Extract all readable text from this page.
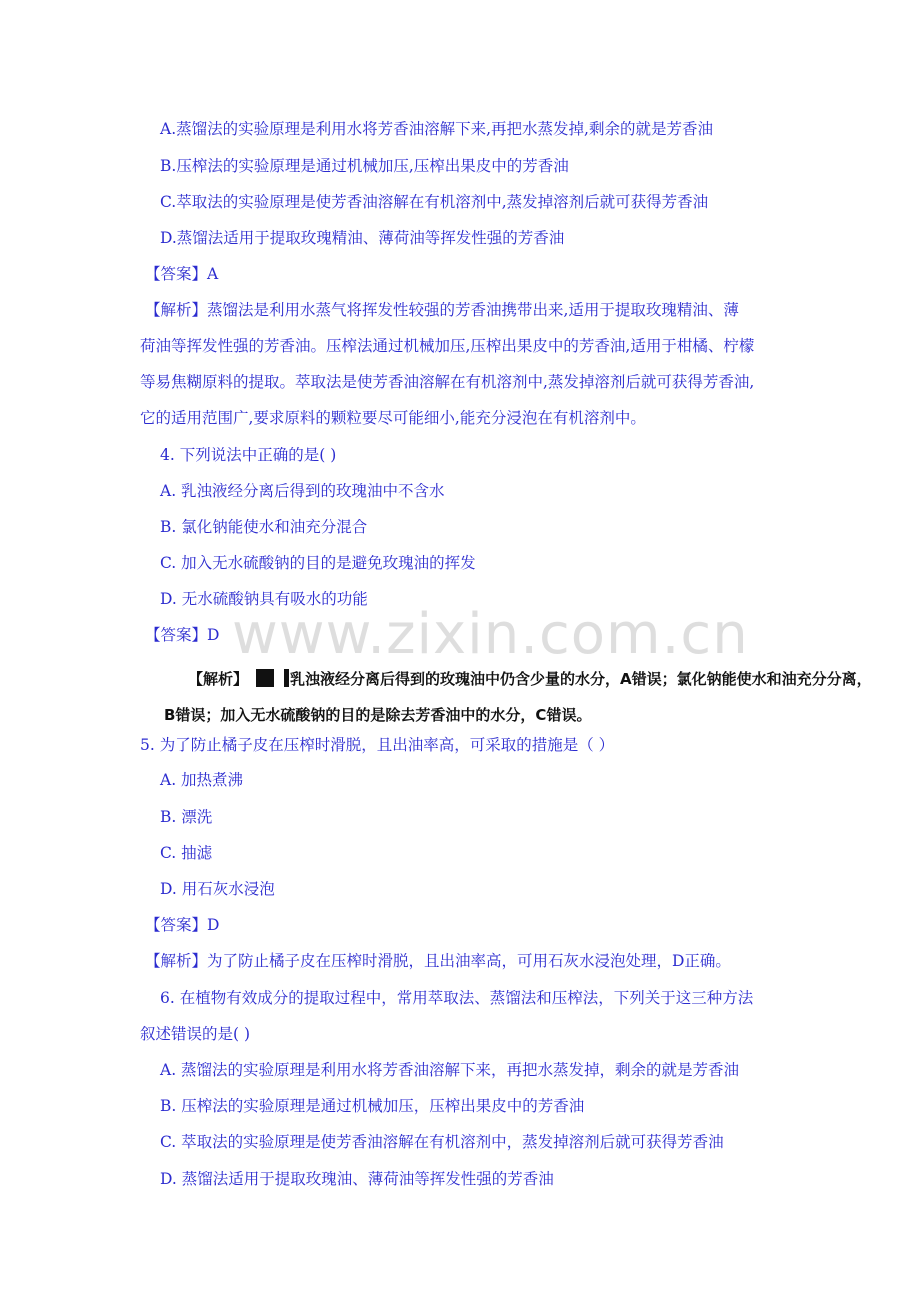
A.蒸馏法的实验原理是利用水将芳香油溶解下来,再把水蒸发掉,剩余的就是芳香油
B.压榨法的实验原理是通过机械加压,压榨出果皮中的芳香油
C.萃取法的实验原理是使芳香油溶解在有机溶剂中,蒸发掉溶剂后就可获得芳香油
D.蒸馏法适用于提取玫瑰精油、薄荷油等挥发性强的芳香油
【答案】A
【解析】蒸馏法是利用水蒸气将挥发性较强的芳香油携带出来,适用于提取玫瑰精油、薄
荷油等挥发性强的芳香油。压榨法通过机械加压,压榨出果皮中的芳香油,适用于柑橘、柠檬
等易焦糊原料的提取。萃取法是使芳香油溶解在有机溶剂中,蒸发掉溶剂后就可获得芳香油,
它的适用范围广,要求原料的颗粒要尽可能细小,能充分浸泡在有机溶剂中。
4. 下列说法中正确的是( )
A. 乳浊液经分离后得到的玫瑰油中不含水
B. 氯化钠能使水和油充分混合
C. 加入无水硫酸钠的目的是避免玫瑰油的挥发
D. 无水硫酸钠具有吸水的功能
【答案】D
【解析】	乳浊液经分离后得到的玫瑰油中仍含少量的水分，A错误；氯化钠能使水和油充分分离，
B错误；加入无水硫酸钠的目的是除去芳香油中的水分，C错误。
5. 为了防止橘子皮在压榨时滑脱，且出油率高，可采取的措施是（ ）
A. 加热煮沸
B. 漂洗
C. 抽滤
D. 用石灰水浸泡
【答案】D
【解析】为了防止橘子皮在压榨时滑脱，且出油率高，可用石灰水浸泡处理，D正确。
6. 在植物有效成分的提取过程中，常用萃取法、蒸馏法和压榨法，下列关于这三种方法
叙述错误的是( )
A. 蒸馏法的实验原理是利用水将芳香油溶解下来，再把水蒸发掉，剩余的就是芳香油
B. 压榨法的实验原理是通过机械加压，压榨出果皮中的芳香油
C. 萃取法的实验原理是使芳香油溶解在有机溶剂中，蒸发掉溶剂后就可获得芳香油
D. 蒸馏法适用于提取玫瑰油、薄荷油等挥发性强的芳香油
www.zixin.com.cn
